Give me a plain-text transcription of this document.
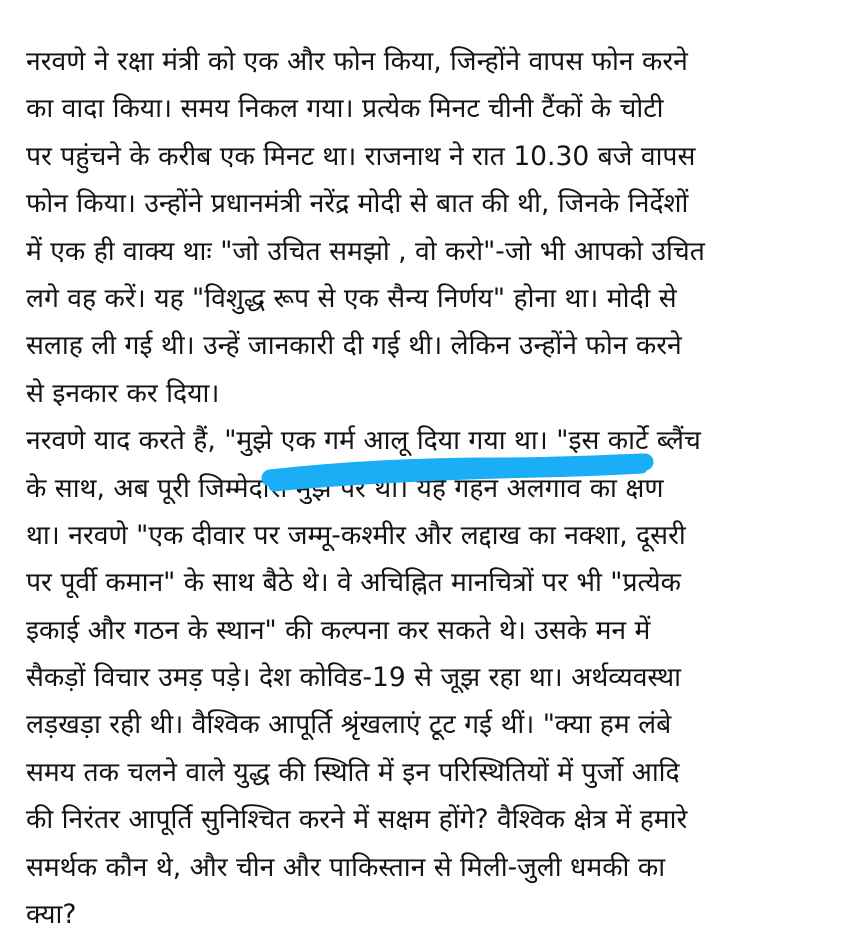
नरवणे ने रक्षा मंत्री को एक और फोन किया, जिन्होंने वापस फोन करने
का वादा किया। समय निकल गया। प्रत्येक मिनट चीनी टैंकों के चोटी
पर पहुंचने के करीब एक मिनट था। राजनाथ ने रात 10.30 बजे वापस
फोन किया। उन्होंने प्रधानमंत्री नरेंद्र मोदी से बात की थी, जिनके निर्देशों
में एक ही वाक्य थाः "जो उचित समझो , वो करो"-जो भी आपको उचित
लगे वह करें। यह "विशुद्ध रूप से एक सैन्य निर्णय" होना था। मोदी से
सलाह ली गई थी। उन्हें जानकारी दी गई थी। लेकिन उन्होंने फोन करने
से इनकार कर दिया।
नरवणे याद करते हैं, "मुझे एक गर्म आलू दिया गया था। "इस कार्टे ब्लैंच
के साथ, अब पूरी जिम्मेदारी मुझ पर थी। यह गहन अलगाव का क्षण
था। नरवणे "एक दीवार पर जम्मू-कश्मीर और लद्दाख का नक्शा, दूसरी
पर पूर्वी कमान" के साथ बैठे थे। वे अचिह्नित मानचित्रों पर भी "प्रत्येक
इकाई और गठन के स्थान" की कल्पना कर सकते थे। उसके मन में
सैकड़ों विचार उमड़ पड़े। देश कोविड-19 से जूझ रहा था। अर्थव्यवस्था
लड़खड़ा रही थी। वैश्विक आपूर्ति श्रृंखलाएं टूट गई थीं। "क्या हम लंबे
समय तक चलने वाले युद्ध की स्थिति में इन परिस्थितियों में पुर्जो आदि
की निरंतर आपूर्ति सुनिश्चित करने में सक्षम होंगे? वैश्विक क्षेत्र में हमारे
समर्थक कौन थे, और चीन और पाकिस्तान से मिली-जुली धमकी का
क्या?
